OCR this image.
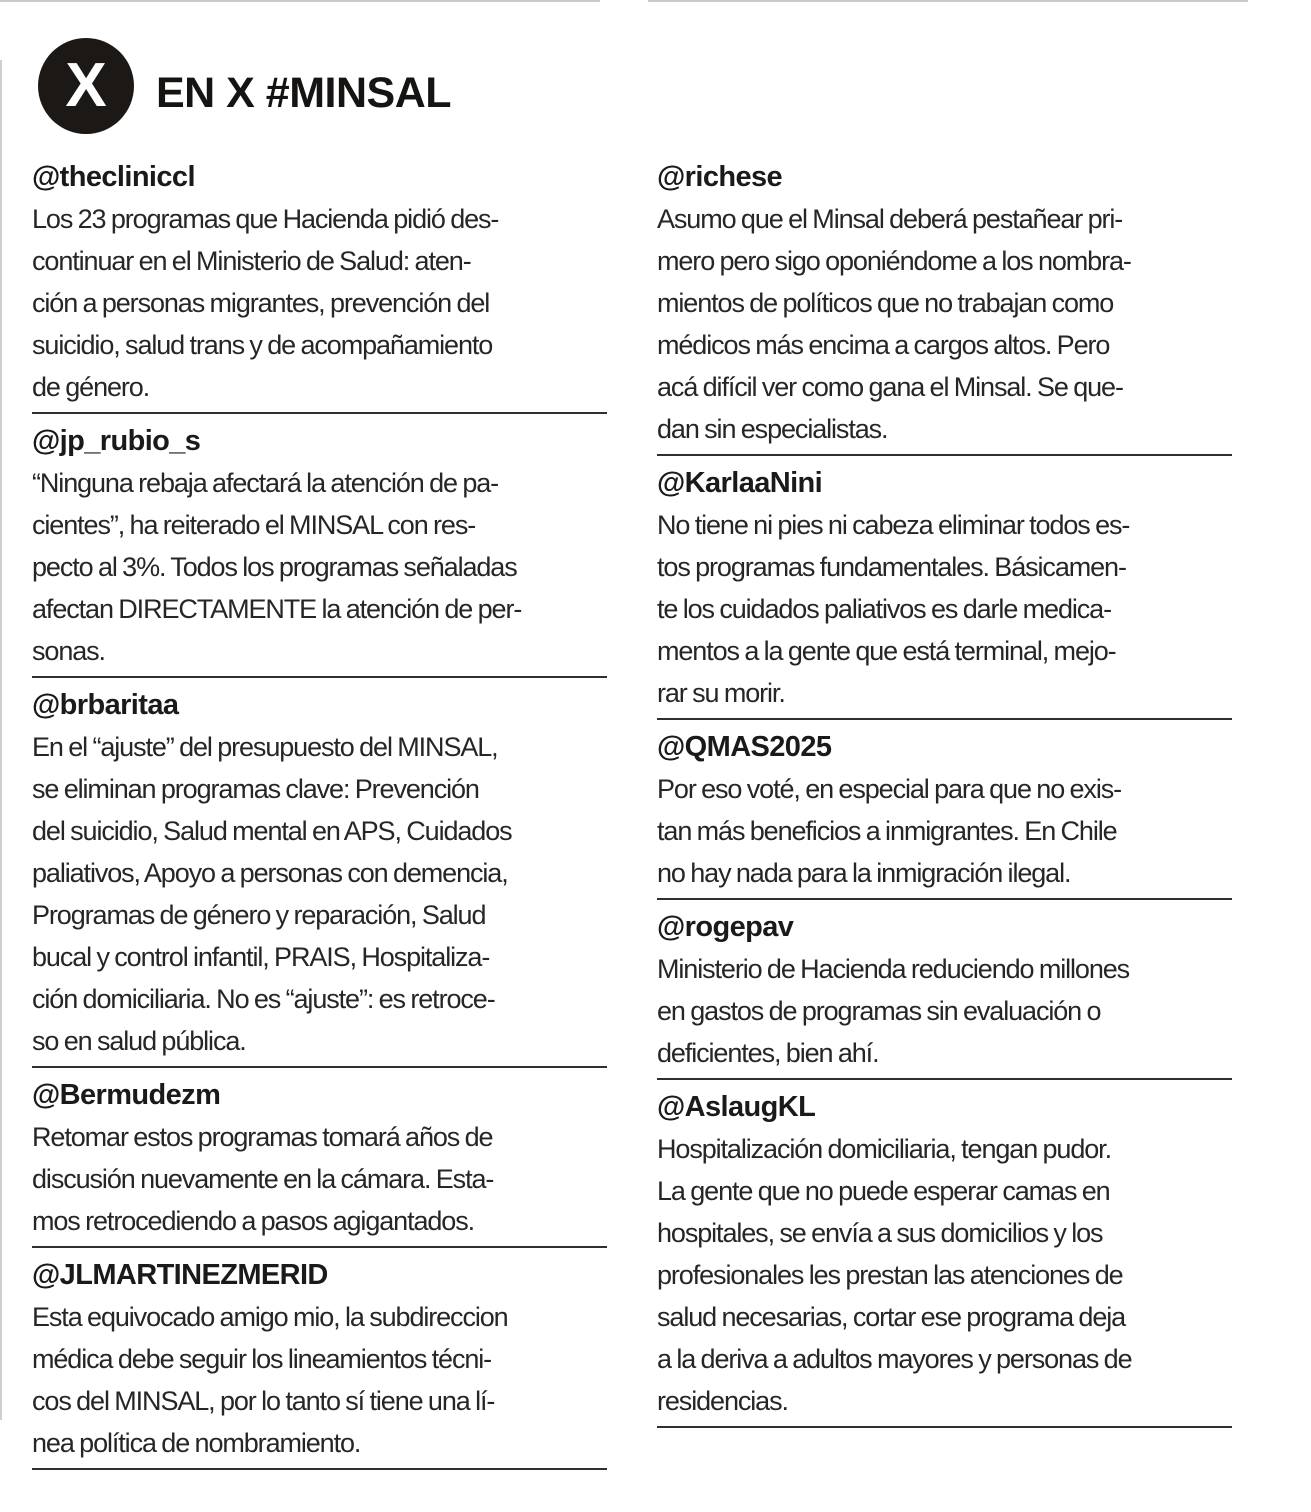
X EN X #MINSAL
@thecliniccl
Los 23 programas que Hacienda pidió des-
continuar en el Ministerio de Salud: aten-
ción a personas migrantes, prevención del
suicidio, salud trans y de acompañamiento
de género.
@jp_rubio_s
“Ninguna rebaja afectará la atención de pa-
cientes”, ha reiterado el MINSAL con res-
pecto al 3%. Todos los programas señaladas
afectan DIRECTAMENTE la atención de per-
sonas.
@brbaritaa
En el “ajuste” del presupuesto del MINSAL,
se eliminan programas clave: Prevención
del suicidio, Salud mental en APS, Cuidados
paliativos, Apoyo a personas con demencia,
Programas de género y reparación, Salud
bucal y control infantil, PRAIS, Hospitaliza-
ción domiciliaria. No es “ajuste”: es retroce-
so en salud pública.
@Bermudezm
Retomar estos programas tomará años de
discusión nuevamente en la cámara. Esta-
mos retrocediendo a pasos agigantados.
@JLMARTINEZMERID
Esta equivocado amigo mio, la subdireccion
médica debe seguir los lineamientos técni-
cos del MINSAL, por lo tanto sí tiene una lí-
nea política de nombramiento.
@richese
Asumo que el Minsal deberá pestañear pri-
mero pero sigo oponiéndome a los nombra-
mientos de políticos que no trabajan como
médicos más encima a cargos altos. Pero
acá difícil ver como gana el Minsal. Se que-
dan sin especialistas.
@KarlaaNini
No tiene ni pies ni cabeza eliminar todos es-
tos programas fundamentales. Básicamen-
te los cuidados paliativos es darle medica-
mentos a la gente que está terminal, mejo-
rar su morir.
@QMAS2025
Por eso voté, en especial para que no exis-
tan más beneficios a inmigrantes. En Chile
no hay nada para la inmigración ilegal.
@rogepav
Ministerio de Hacienda reduciendo millones
en gastos de programas sin evaluación o
deficientes, bien ahí.
@AslaugKL
Hospitalización domiciliaria, tengan pudor.
La gente que no puede esperar camas en
hospitales, se envía a sus domicilios y los
profesionales les prestan las atenciones de
salud necesarias, cortar ese programa deja
a la deriva a adultos mayores y personas de
residencias.
